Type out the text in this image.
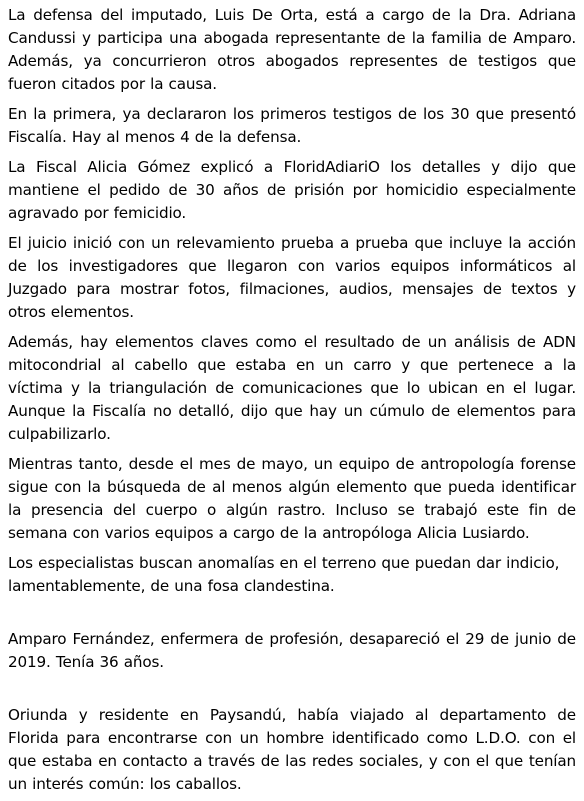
La defensa del imputado, Luis De Orta, está a cargo de la Dra. Adriana Candussi y participa una abogada representante de la familia de Amparo. Además, ya concurrieron otros abogados representes de testigos que fueron citados por la causa.

En la primera, ya declararon los primeros testigos de los 30 que presentó Fiscalía. Hay al menos 4 de la defensa.

La Fiscal Alicia Gómez explicó a FloridAdiariO los detalles y dijo que mantiene el pedido de 30 años de prisión por homicidio especialmente agravado por femicidio.

El juicio inició con un relevamiento prueba a prueba que incluye la acción de los investigadores que llegaron con varios equipos informáticos al Juzgado para mostrar fotos, filmaciones, audios, mensajes de textos y otros elementos.

Además, hay elementos claves como el resultado de un análisis de ADN mitocondrial al cabello que estaba en un carro y que pertenece a la víctima y la triangulación de comunicaciones que lo ubican en el lugar. Aunque la Fiscalía no detalló, dijo que hay un cúmulo de elementos para culpabilizarlo.

Mientras tanto, desde el mes de mayo, un equipo de antropología forense sigue con la búsqueda de al menos algún elemento que pueda identificar la presencia del cuerpo o algún rastro. Incluso se trabajó este fin de semana con varios equipos a cargo de la antropóloga Alicia Lusiardo.

Los especialistas buscan anomalías en el terreno que puedan dar indicio, lamentablemente, de una fosa clandestina.

Amparo Fernández, enfermera de profesión, desapareció el 29 de junio de 2019. Tenía 36 años.

Oriunda y residente en Paysandú, había viajado al departamento de Florida para encontrarse con un hombre identificado como L.D.O. con el que estaba en contacto a través de las redes sociales, y con el que tenían un interés común: los caballos.
